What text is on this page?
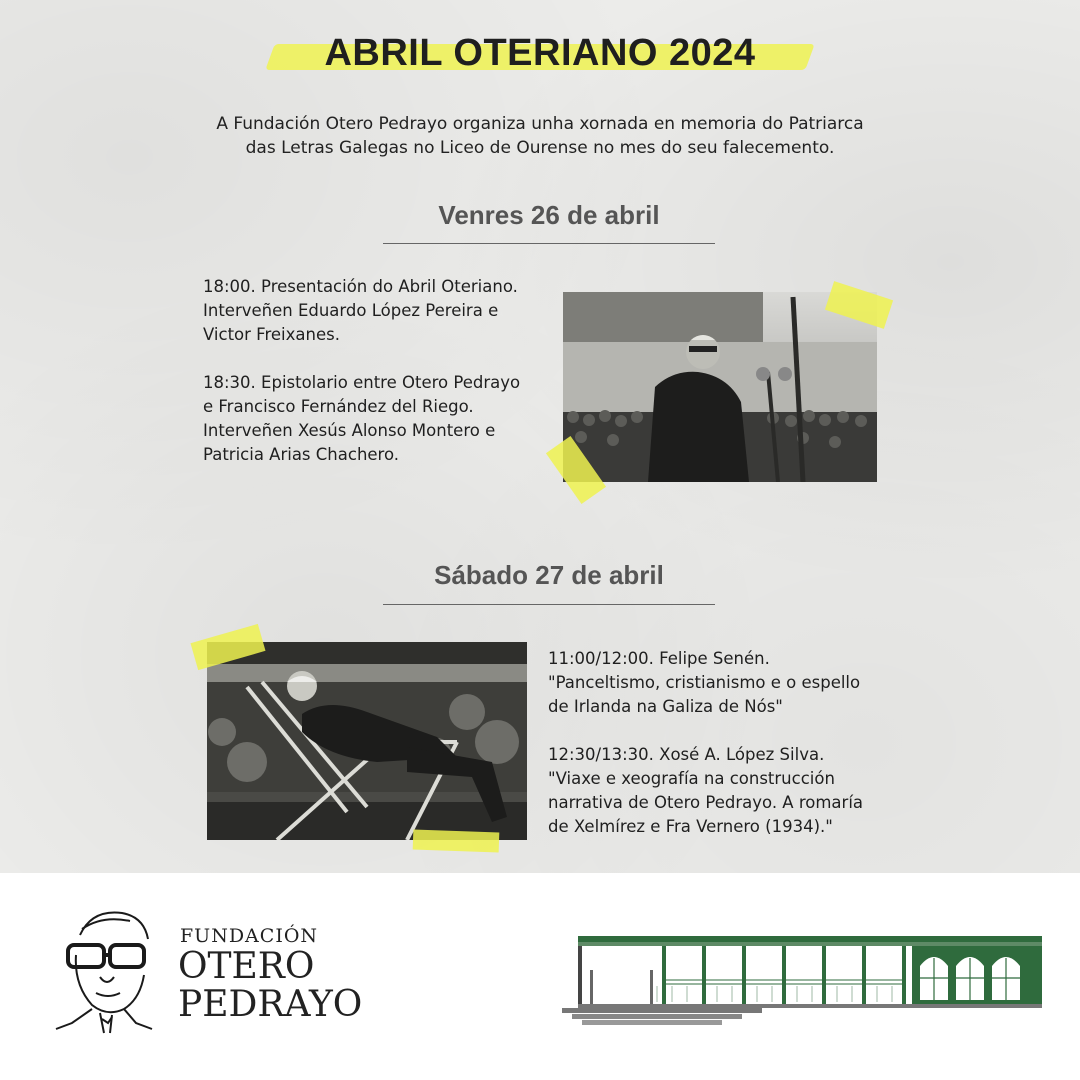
ABRIL OTERIANO 2024
A Fundación Otero Pedrayo organiza unha xornada en memoria do Patriarca
das Letras Galegas no Liceo de Ourense no mes do seu falecemento.
Venres 26 de abril

18:00. Presentación do Abril Oteriano.
Interveñen Eduardo López Pereira e
Victor Freixanes.

18:30. Epistolario entre Otero Pedrayo
e Francisco Fernández del Riego.
Interveñen Xesús Alonso Montero e
Patricia Arias Chachero.

Sábado 27 de abril

11:00/12:00. Felipe Senén.
"Panceltismo, cristianismo e o espello
de Irlanda na Galiza de Nós"

12:30/13:30. Xosé A. López Silva.
"Viaxe e xeografía na construcción
narrativa de Otero Pedrayo. A romaría
de Xelmírez e Fra Vernero (1934)."

FUNDACIÓN
OTERO
PEDRAYO
